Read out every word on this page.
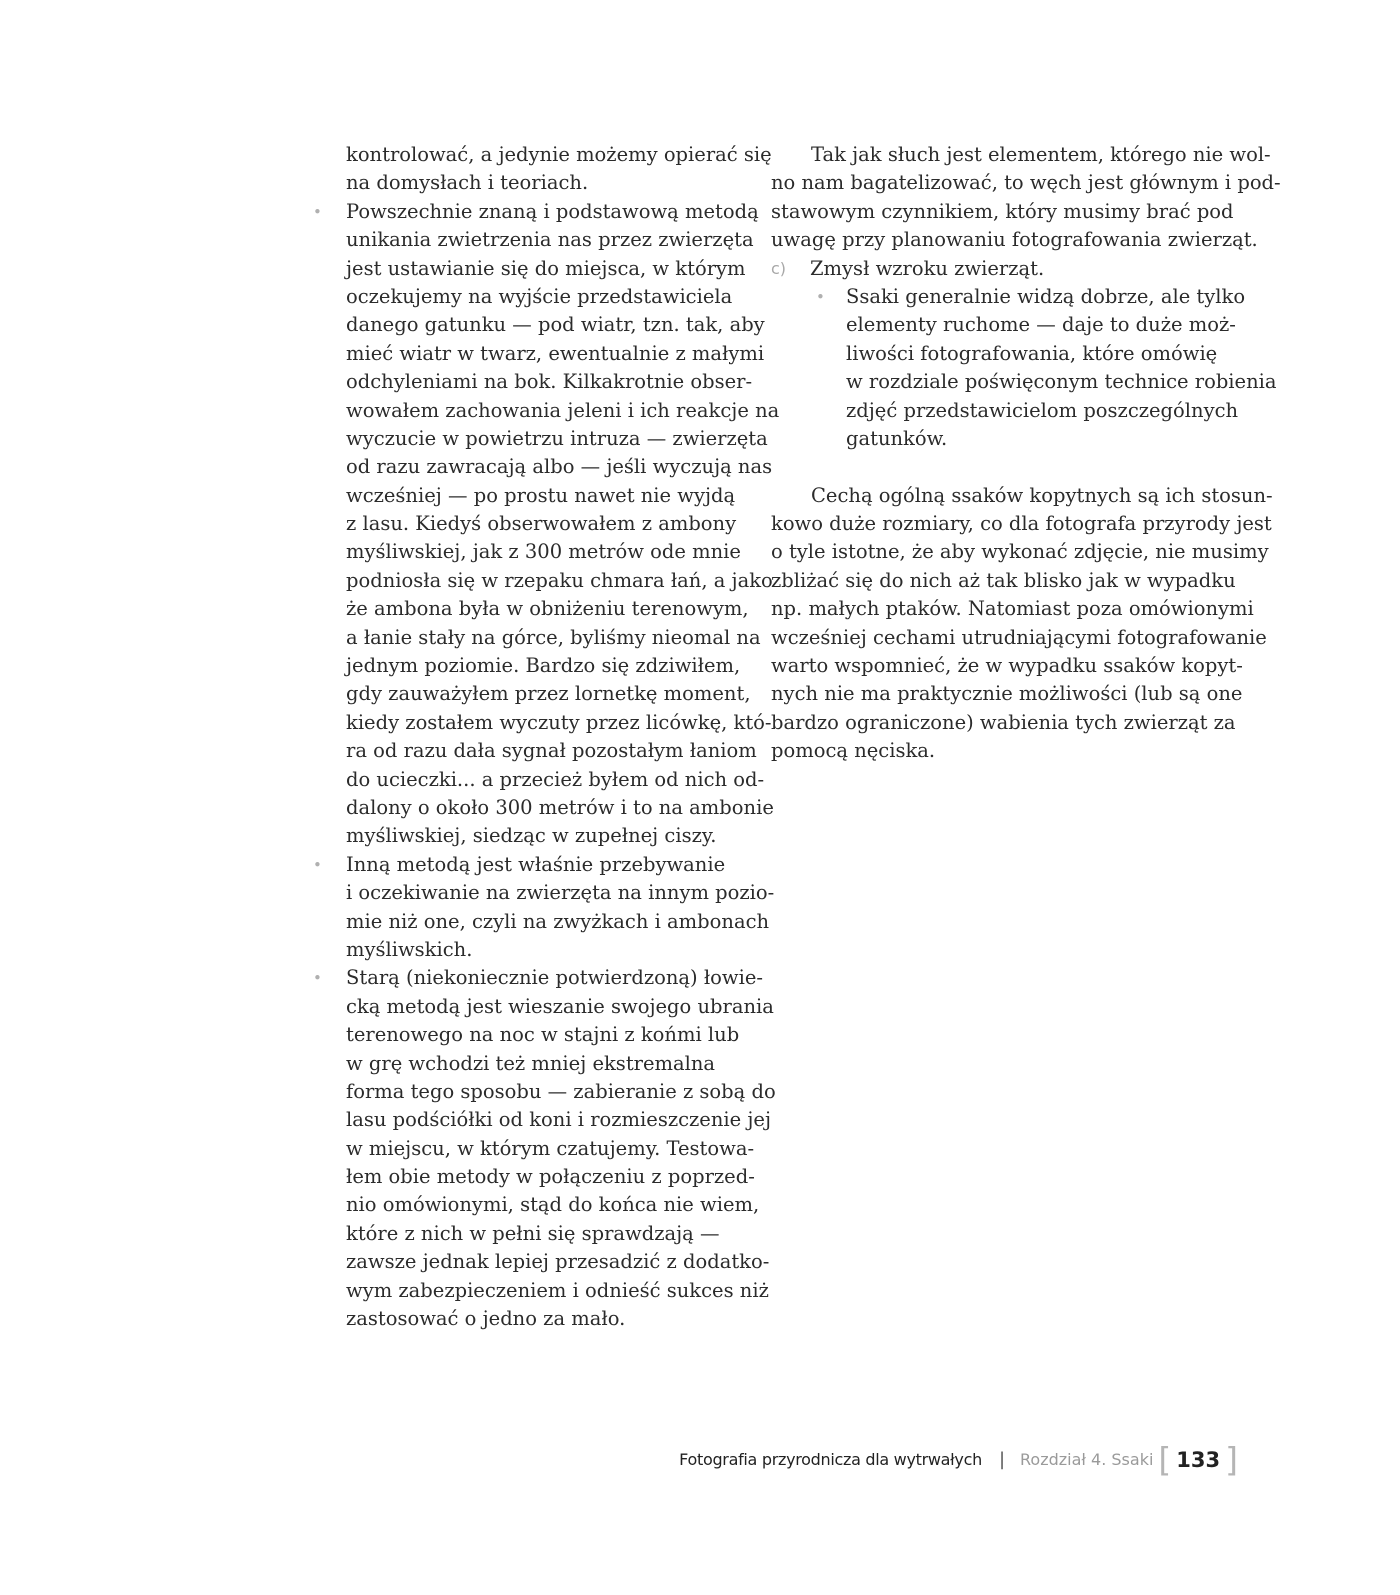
kontrolować, a jedynie możemy opierać się
na domysłach i teoriach.
Powszechnie znaną i podstawową metodą
•
unikania zwietrzenia nas przez zwierzęta
jest ustawianie się do miejsca, w którym
oczekujemy na wyjście przedstawiciela
danego gatunku — pod wiatr, tzn. tak, aby
mieć wiatr w twarz, ewentualnie z małymi
odchyleniami na bok. Kilkakrotnie obser-
wowałem zachowania jeleni i ich reakcje na
wyczucie w powietrzu intruza — zwierzęta
od razu zawracają albo — jeśli wyczują nas
wcześniej — po prostu nawet nie wyjdą
z lasu. Kiedyś obserwowałem z ambony
myśliwskiej, jak z 300 metrów ode mnie
podniosła się w rzepaku chmara łań, a jako
że ambona była w obniżeniu terenowym,
a łanie stały na górce, byliśmy nieomal na
jednym poziomie. Bardzo się zdziwiłem,
gdy zauważyłem przez lornetkę moment,
kiedy zostałem wyczuty przez licówkę, któ-
ra od razu dała sygnał pozostałym łaniom
do ucieczki... a przecież byłem od nich od-
dalony o około 300 metrów i to na ambonie
myśliwskiej, siedząc w zupełnej ciszy.
Inną metodą jest właśnie przebywanie
•
i oczekiwanie na zwierzęta na innym pozio-
mie niż one, czyli na zwyżkach i ambonach
myśliwskich.
Starą (niekoniecznie potwierdzoną) łowie-
•
cką metodą jest wieszanie swojego ubrania
terenowego na noc w stajni z końmi lub
w grę wchodzi też mniej ekstremalna
forma tego sposobu — zabieranie z sobą do
lasu podściółki od koni i rozmieszczenie jej
w miejscu, w którym czatujemy. Testowa-
łem obie metody w połączeniu z poprzed-
nio omówionymi, stąd do końca nie wiem,
które z nich w pełni się sprawdzają —
zawsze jednak lepiej przesadzić z dodatko-
wym zabezpieczeniem i odnieść sukces niż
zastosować o jedno za mało.
Tak jak słuch jest elementem, którego nie wol-
no nam bagatelizować, to węch jest głównym i pod-
stawowym czynnikiem, który musimy brać pod
uwagę przy planowaniu fotografowania zwierząt.
c) Zmysł wzroku zwierząt.
Ssaki generalnie widzą dobrze, ale tylko
•
elementy ruchome — daje to duże moż-
liwości fotografowania, które omówię
w rozdziale poświęconym technice robienia
zdjęć przedstawicielom poszczególnych
gatunków.
Cechą ogólną ssaków kopytnych są ich stosun-
kowo duże rozmiary, co dla fotografa przyrody jest
o tyle istotne, że aby wykonać zdjęcie, nie musimy
zbliżać się do nich aż tak blisko jak w wypadku
np. małych ptaków. Natomiast poza omówionymi
wcześniej cechami utrudniającymi fotografowanie
warto wspomnieć, że w wypadku ssaków kopyt-
nych nie ma praktycznie możliwości (lub są one
bardzo ograniczone) wabienia tych zwierząt za
pomocą nęciska.
Fotografia przyrodnicza dla wytrwałych | Rozdział 4. Ssaki [ 133 ]
